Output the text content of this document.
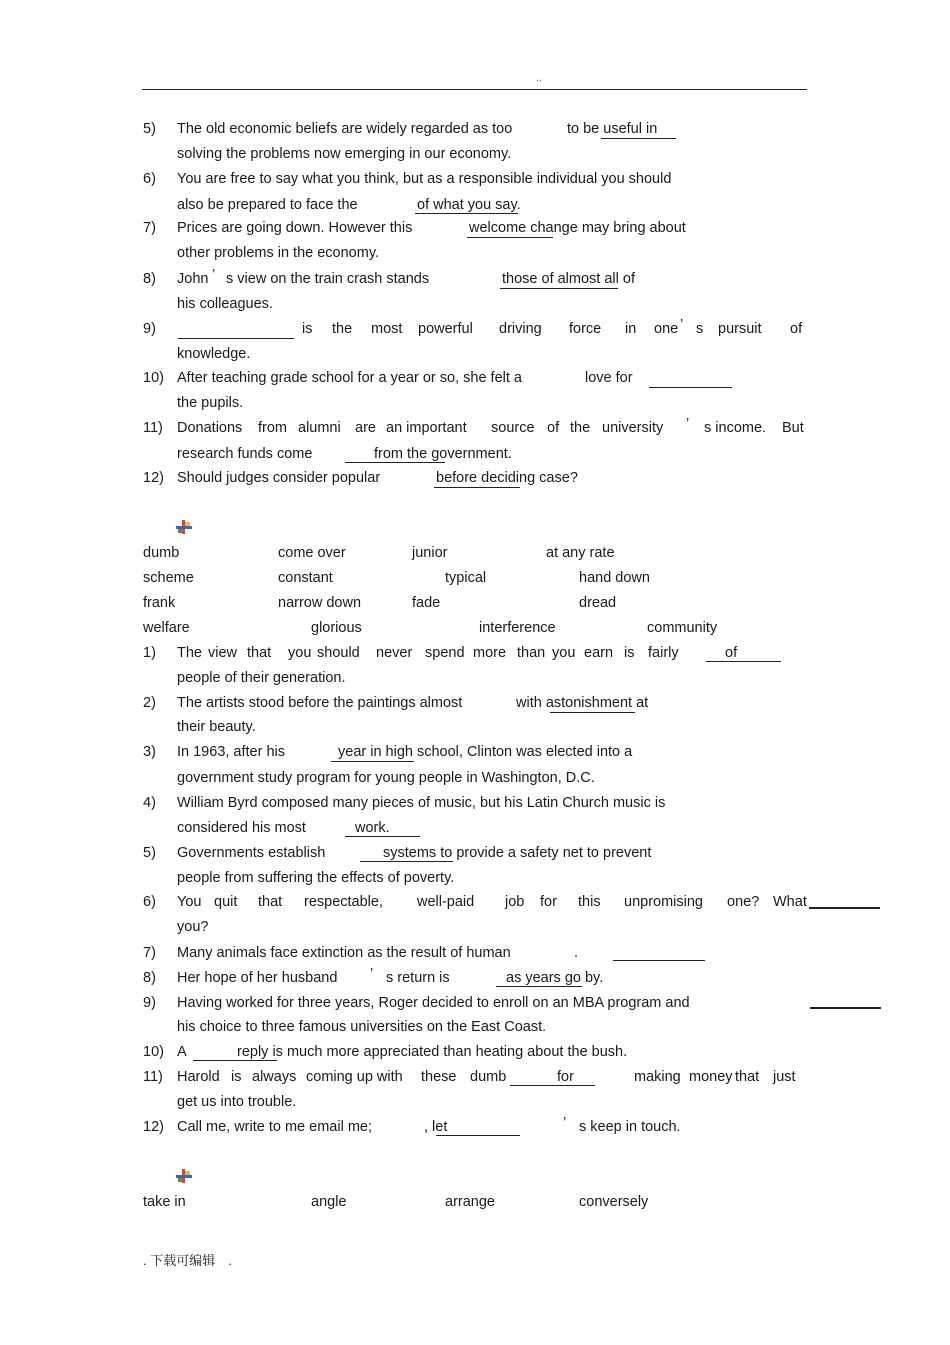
..
5) The old economic beliefs are widely regarded as too	to be useful in
solving the problems now emerging in our economy.
6) You are free to say what you think, but as a responsible individual you should
also be prepared to face the	of what you say.
7) Prices are going down. However this	welcome change may bring about
other problems in the economy.
8) John ’ s view on the train crash stands	those of almost all of
his colleagues.
9)	is the most powerful driving force in one ’ s pursuit of
knowledge.
10) After teaching grade school for a year or so, she felt a	love for
the pupils.
11) Donations from alumni are an important source of the university ’ s income. But
research funds come	from the government.
12) Should judges consider popular	before deciding case?
dumb	come over	junior	at any rate
scheme	constant	typical	hand down
frank	narrow down	fade	dread
welfare	glorious	interference	community
1) The view that you should never spend more than you earn is fairly	of
people of their generation.
2) The artists stood before the paintings almost	with astonishment at
their beauty.
3) In 1963, after his	year in high school, Clinton was elected into a
government study program for young people in Washington, D.C.
4) William Byrd composed many pieces of music, but his Latin Church music is
considered his most	work.
5) Governments establish	systems to provide a safety net to prevent
people from suffering the effects of poverty.
6) You quit that respectable, well-paid job for this unpromising one? What
you?
7) Many animals face extinction as the result of human	.
8) Her hope of her husband ’ s return is	as years go by.
9) Having worked for three years, Roger decided to enroll on an MBA program and
his choice to three famous universities on the East Coast.
10) A	reply is much more appreciated than heating about the bush.
11) Harold is always coming up with these dumb	for	making money that just
get us into trouble.
12) Call me, write to me email me;	, let	’ s keep in touch.
take in	angle	arrange	conversely
. 下载可编辑　.
